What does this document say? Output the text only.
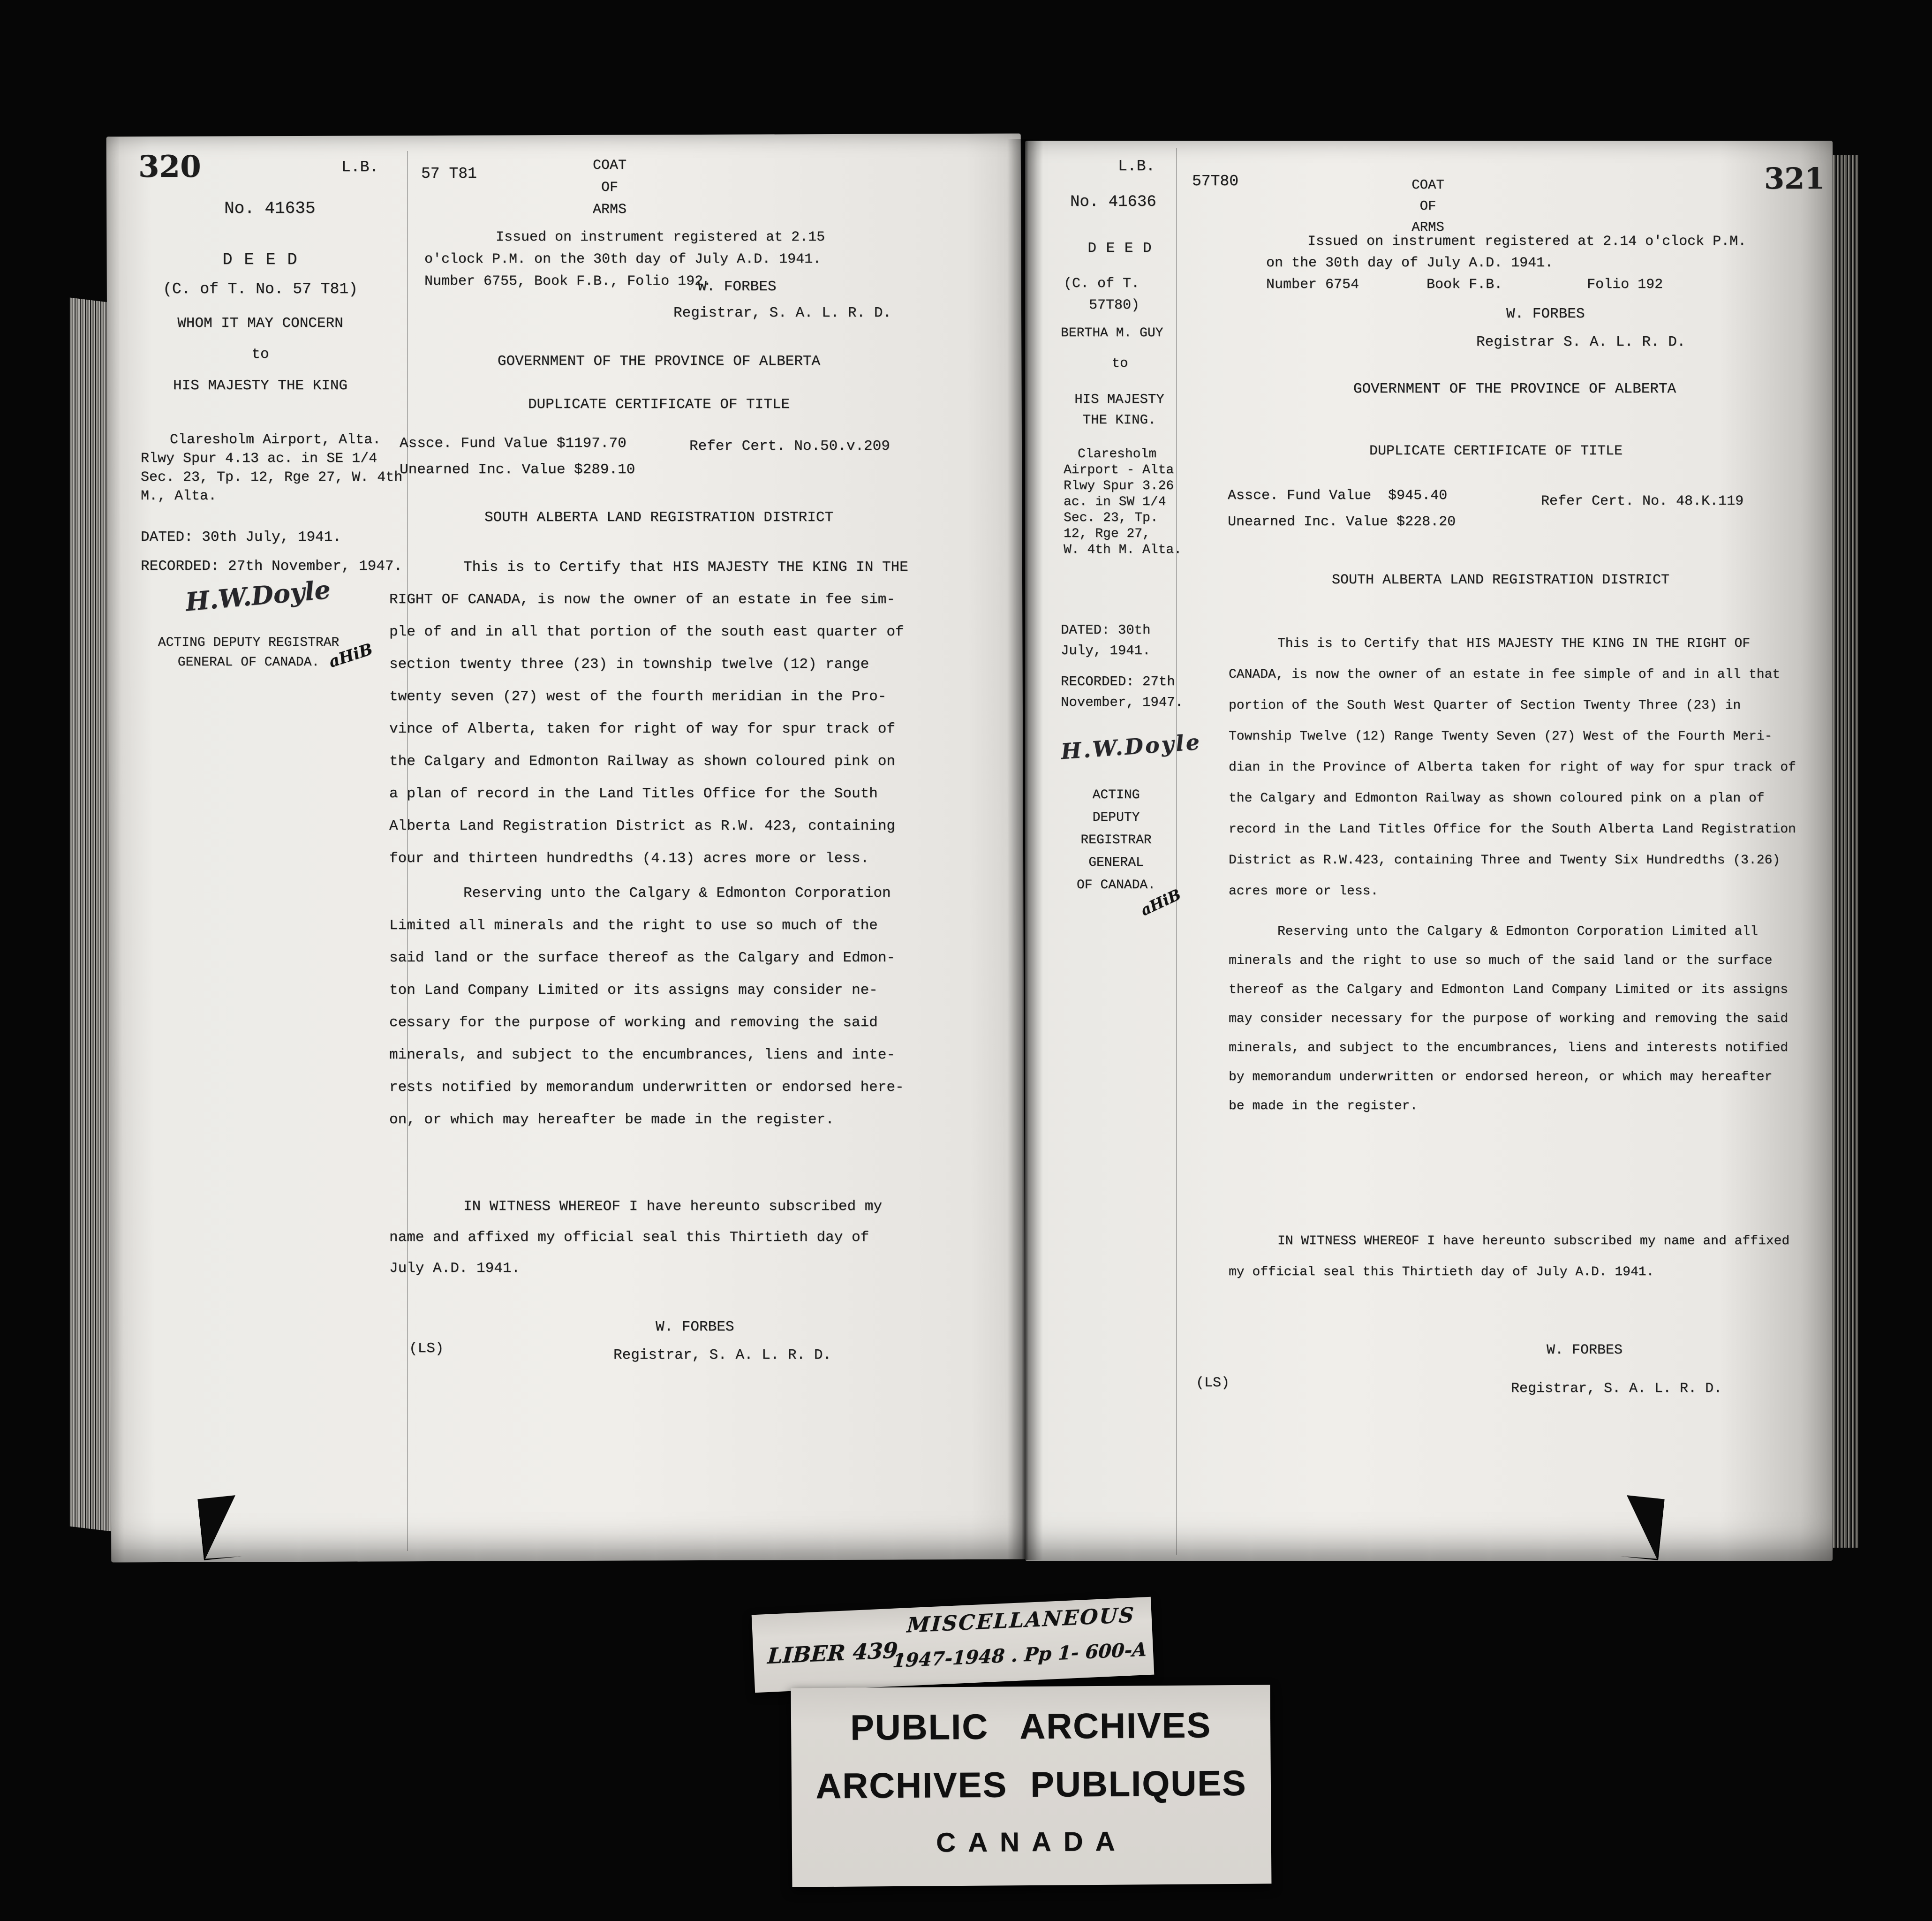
320	L.B.	57 T81	COAT
OF
ARMS
No. 41635
D E E D
(C. of T. No. 57 T81)
WHOM IT MAY CONCERN
to
HIS MAJESTY THE KING
Claresholm Airport, Alta.
Rlwy Spur 4.13 ac. in SE 1/4
Sec. 23, Tp. 12, Rge 27, W. 4th
M., Alta.
DATED: 30th July, 1941.
RECORDED: 27th November, 1947.
H.W.Doyle
ACTING DEPUTY REGISTRAR
GENERAL OF CANADA. aHiB
Issued on instrument registered at 2.15
o'clock P.M. on the 30th day of July A.D. 1941.
Number 6755, Book F.B., Folio 192.
W. FORBES
Registrar, S. A. L. R. D.
GOVERNMENT OF THE PROVINCE OF ALBERTA
DUPLICATE CERTIFICATE OF TITLE
Assce. Fund Value $1197.70	Refer Cert. No.50.v.209
Unearned Inc. Value $289.10
SOUTH ALBERTA LAND REGISTRATION DISTRICT
This is to Certify that HIS MAJESTY THE KING IN THE
RIGHT OF CANADA, is now the owner of an estate in fee sim-
ple of and in all that portion of the south east quarter of
section twenty three (23) in township twelve (12) range
twenty seven (27) west of the fourth meridian in the Pro-
vince of Alberta, taken for right of way for spur track of
the Calgary and Edmonton Railway as shown coloured pink on
a plan of record in the Land Titles Office for the South
Alberta Land Registration District as R.W. 423, containing
four and thirteen hundredths (4.13) acres more or less.
Reserving unto the Calgary & Edmonton Corporation
Limited all minerals and the right to use so much of the
said land or the surface thereof as the Calgary and Edmon-
ton Land Company Limited or its assigns may consider ne-
cessary for the purpose of working and removing the said
minerals, and subject to the encumbrances, liens and inte-
rests notified by memorandum underwritten or endorsed here-
on, or which may hereafter be made in the register.
IN WITNESS WHEREOF I have hereunto subscribed my
name and affixed my official seal this Thirtieth day of
July A.D. 1941.
W. FORBES
(LS)	Registrar, S. A. L. R. D.
L.B.
57T80	COAT
OF
ARMS
321
No. 41636
D E E D
(C. of T.
57T80)
BERTHA M. GUY
to
HIS MAJESTY
THE KING.
Claresholm
Airport - Alta
Rlwy Spur 3.26
ac. in SW 1/4
Sec. 23, Tp.
12, Rge 27,
W. 4th M. Alta.
DATED: 30th
July, 1941.
RECORDED: 27th
November, 1947.
H.W.Doyle
ACTING
DEPUTY
REGISTRAR
GENERAL
OF CANADA.
aHiB
Issued on instrument registered at 2.14 o'clock P.M.
on the 30th day of July A.D. 1941.
Number 6754        Book F.B.          Folio 192
W. FORBES
Registrar S. A. L. R. D.
GOVERNMENT OF THE PROVINCE OF ALBERTA
DUPLICATE CERTIFICATE OF TITLE
Assce. Fund Value  $945.40	Refer Cert. No. 48.K.119
Unearned Inc. Value $228.20
SOUTH ALBERTA LAND REGISTRATION DISTRICT
This is to Certify that HIS MAJESTY THE KING IN THE RIGHT OF
CANADA, is now the owner of an estate in fee simple of and in all that
portion of the South West Quarter of Section Twenty Three (23) in
Township Twelve (12) Range Twenty Seven (27) West of the Fourth Meri-
dian in the Province of Alberta taken for right of way for spur track of
the Calgary and Edmonton Railway as shown coloured pink on a plan of
record in the Land Titles Office for the South Alberta Land Registration
District as R.W.423, containing Three and Twenty Six Hundredths (3.26)
acres more or less.
Reserving unto the Calgary & Edmonton Corporation Limited all
minerals and the right to use so much of the said land or the surface
thereof as the Calgary and Edmonton Land Company Limited or its assigns
may consider necessary for the purpose of working and removing the said
minerals, and subject to the encumbrances, liens and interests notified
by memorandum underwritten or endorsed hereon, or which may hereafter
be made in the register.
IN WITNESS WHEREOF I have hereunto subscribed my name and affixed
my official seal this Thirtieth day of July A.D. 1941.
W. FORBES
(LS)	Registrar, S. A. L. R. D.
LIBER 439.
MISCELLANEOUS
1947-1948 . Pp 1- 600-A
PUBLIC ARCHIVES
ARCHIVES PUBLIQUES
CANADA
